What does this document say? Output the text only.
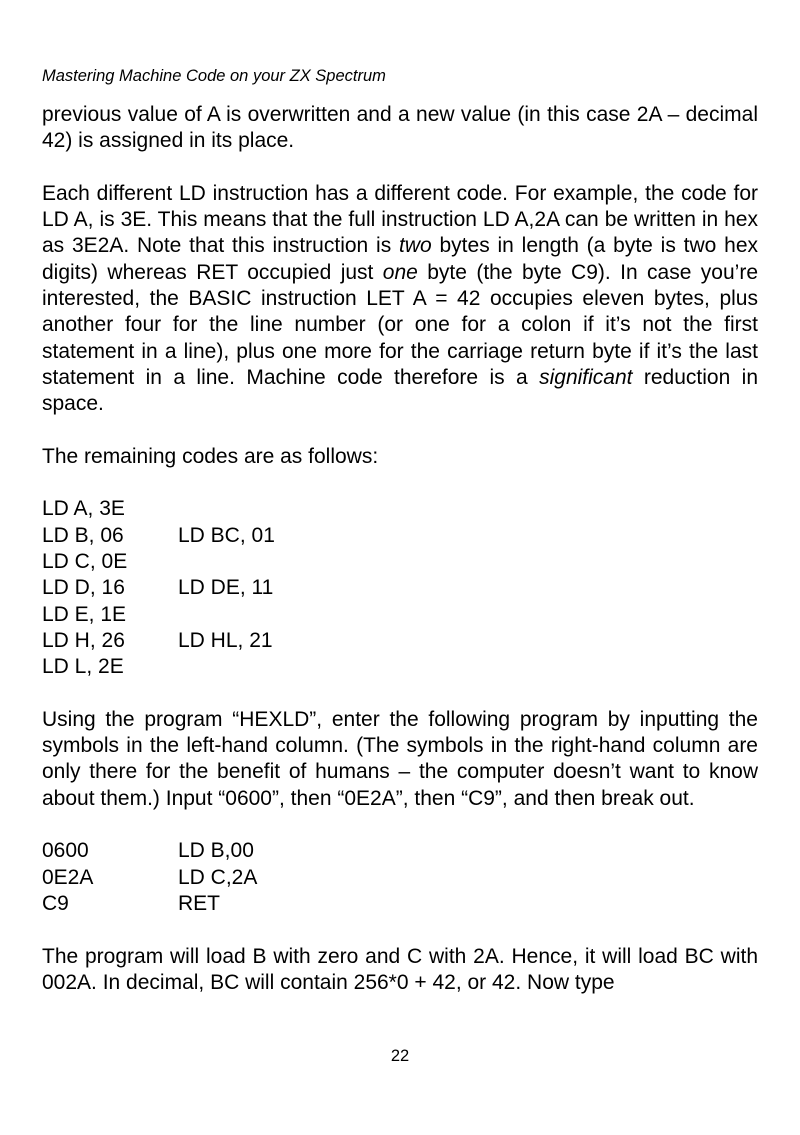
Mastering Machine Code on your ZX Spectrum

previous value of A is overwritten and a new value (in this case 2A – decimal 42) is assigned in its place.

Each different LD instruction has a different code. For example, the code for LD A, is 3E. This means that the full instruction LD A,2A can be written in hex as 3E2A. Note that this instruction is two bytes in length (a byte is two hex digits) whereas RET occupied just one byte (the byte C9). In case you’re interested, the BASIC instruction LET A = 42 occupies eleven bytes, plus another four for the line number (or one for a colon if it’s not the first statement in a line), plus one more for the carriage return byte if it’s the last statement in a line. Machine code therefore is a significant reduction in space.

The remaining codes are as follows:

LD A, 3E
LD B, 06	LD BC, 01
LD C, 0E
LD D, 16	LD DE, 11
LD E, 1E
LD H, 26	LD HL, 21
LD L, 2E

Using the program “HEXLD”, enter the following program by inputting the symbols in the left-hand column. (The symbols in the right-hand column are only there for the benefit of humans – the computer doesn’t want to know about them.) Input “0600”, then “0E2A”, then “C9”, and then break out.

0600	LD B,00
0E2A	LD C,2A
C9	RET

The program will load B with zero and C with 2A. Hence, it will load BC with 002A. In decimal, BC will contain 256*0 + 42, or 42. Now type

22
